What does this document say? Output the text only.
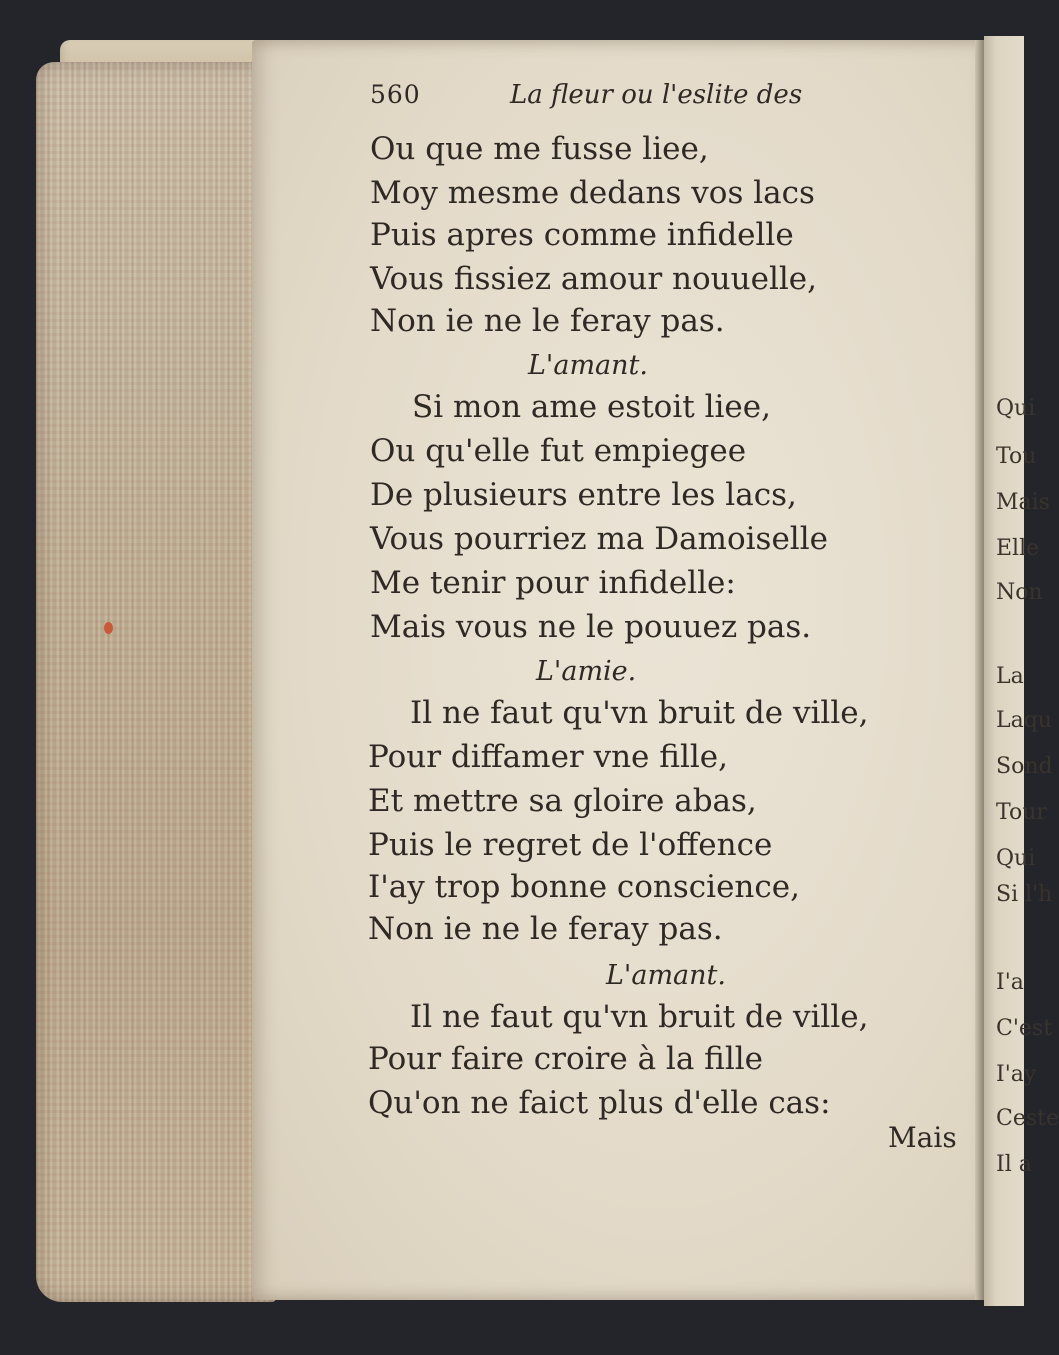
Qui
Tou
Mais
Elle
Non
La
Laqu
Sond
Tour
Qui
Si l'h
I'a
C'est
I'ay
Ceste
Il a
560	La fleur ou l'eslite des
Ou que me fusse liee,
Moy mesme dedans vos lacs
Puis apres comme infidelle
Vous fissiez amour nouuelle,
Non ie ne le feray pas.
L'amant.
Si mon ame estoit liee,
Ou qu'elle fut empiegee
De plusieurs entre les lacs,
Vous pourriez ma Damoiselle
Me tenir pour infidelle:
Mais vous ne le pouuez pas.
L'amie.
Il ne faut qu'vn bruit de ville,
Pour diffamer vne fille,
Et mettre sa gloire abas,
Puis le regret de l'offence
I'ay trop bonne conscience,
Non ie ne le feray pas.
L'amant.
Il ne faut qu'vn bruit de ville,
Pour faire croire à la fille
Qu'on ne faict plus d'elle cas:
Mais
